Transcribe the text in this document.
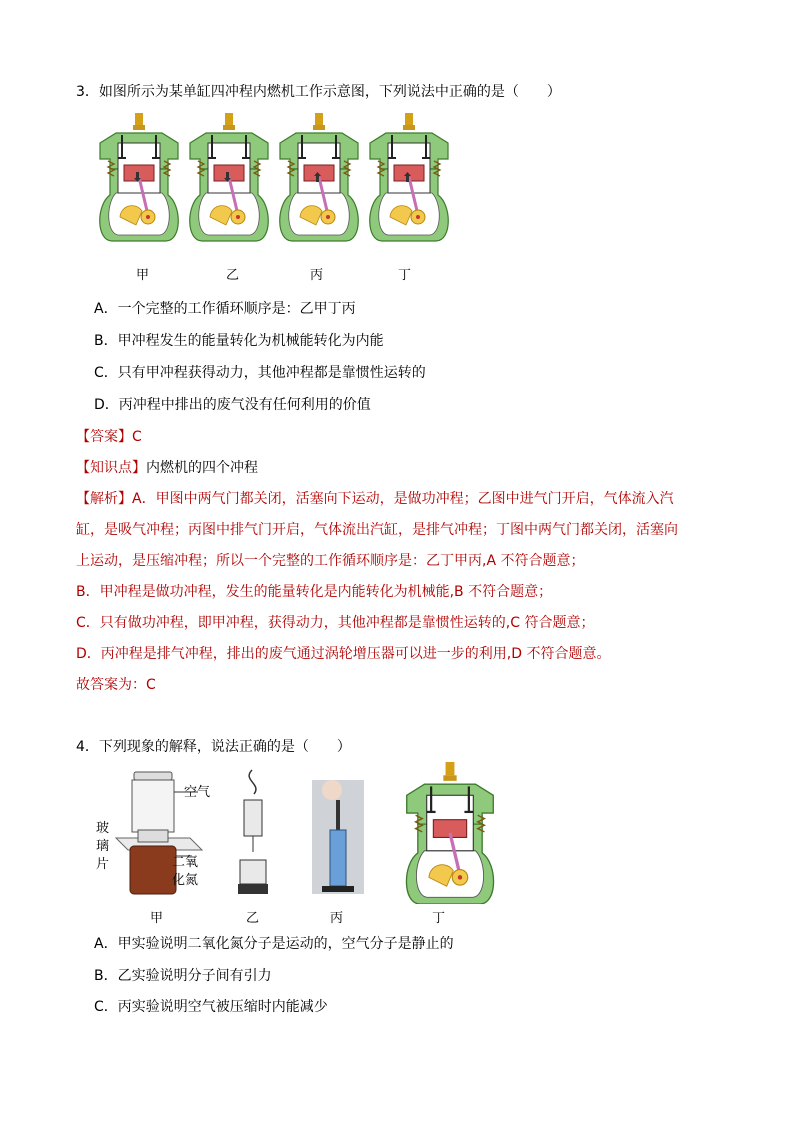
3．如图所示为某单缸四冲程内燃机工作示意图，下列说法中正确的是（　　）
甲	乙	丙	丁
A．一个完整的工作循环顺序是：乙甲丁丙
B．甲冲程发生的能量转化为机械能转化为内能
C．只有甲冲程获得动力，其他冲程都是靠惯性运转的
D．丙冲程中排出的废气没有任何利用的价值
【答案】C
【知识点】内燃机的四个冲程
【解析】A．甲图中两气门都关闭，活塞向下运动，是做功冲程；乙图中进气门开启，气体流入汽
缸，是吸气冲程；丙图中排气门开启，气体流出汽缸，是排气冲程；丁图中两气门都关闭，活塞向
上运动，是压缩冲程；所以一个完整的工作循环顺序是：乙丁甲丙,A 不符合题意；
B．甲冲程是做功冲程，发生的能量转化是内能转化为机械能,B 不符合题意；
C．只有做功冲程，即甲冲程，获得动力，其他冲程都是靠惯性运转的,C 符合题意；
D．丙冲程是排气冲程，排出的废气通过涡轮增压器可以进一步的利用,D 不符合题意。
故答案为：C
4．下列现象的解释，说法正确的是（　　）
空气
玻
璃
片	二氧
化氮
甲	乙	丙	丁
A．甲实验说明二氧化氮分子是运动的，空气分子是静止的
B．乙实验说明分子间有引力
C．丙实验说明空气被压缩时内能减少
